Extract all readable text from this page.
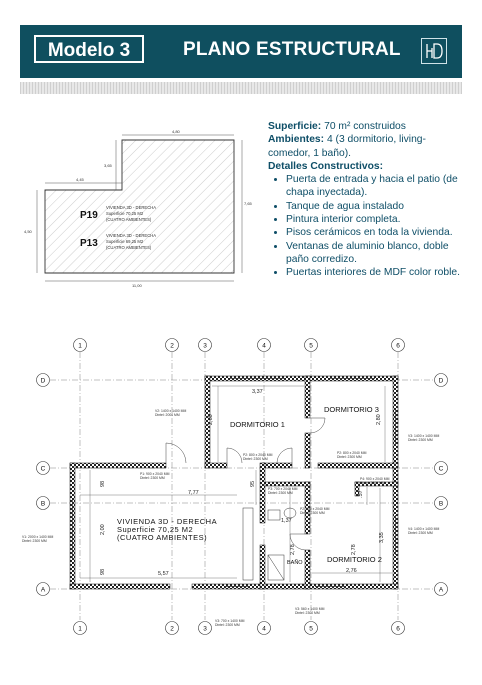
Modelo 3	PLANO ESTRUCTURAL
4,80
4,45
3,65
7,65
4,50
11,00
P19
VIVIENDA 3D - DERECHA
Superficie 70,25 M2
(CUATRO AMBIENTES)
P13
VIVIENDA 3D - DERECHA
Superficie 69,25 M2
(CUATRO AMBIENTES)
Superficie: 70 m² construidos
Ambientes: 4 (3 dormitorio, living-comedor, 1 baño).
Detalles Constructivos:
• Puerta de entrada y hacia el patio (de chapa inyectada).
• Tanque de agua instalado
• Pintura interior completa.
• Pisos cerámicos en toda la vivienda.
• Ventanas de aluminio blanco, doble paño corredizo.
• Puertas interiores de MDF color roble.
1	2	3	4	5	6
1	2	3	4	5	6
D
C
B
A
D
C
B
A
DORMITORIO 1
DORMITORIO 3
DORMITORIO 2
BAÑO
VIVIENDA 3D - DERECHA
Superficie 70,25 M2
(CUATRO AMBIENTES)
3,37
2,80	2,80
7,77
98
2,00
98	5,57
95
1,37
2,78	2,78
2,76
3,35
.57
V2: 1400 x 1400 MM
Dintel: 2000 MM
V1: 2000 x 1400 MM
Dintel: 2300 MM
V3: 1400 x 1400 MM
Dintel: 2300 MM
V4: 1400 x 1400 MM
Dintel: 2300 MM
P2: 800 x 2040 MM
Dintel: 2300 MM
P2: 800 x 2040 MM
Dintel: 2300 MM
P2: 800 x 2040 MM
Dintel: 2300 MM
P3: 700 x 2040 MM
Dintel: 2300 MM
P1: 900 x 2040 MM
Dintel: 2300 MM	P4: 900 x 2040 MM
Dintel: 2300 MM
V3: 700 x 1400 MM
Dintel: 2300 MM
V3: 560 x 1400 MM
Dintel: 2300 MM
